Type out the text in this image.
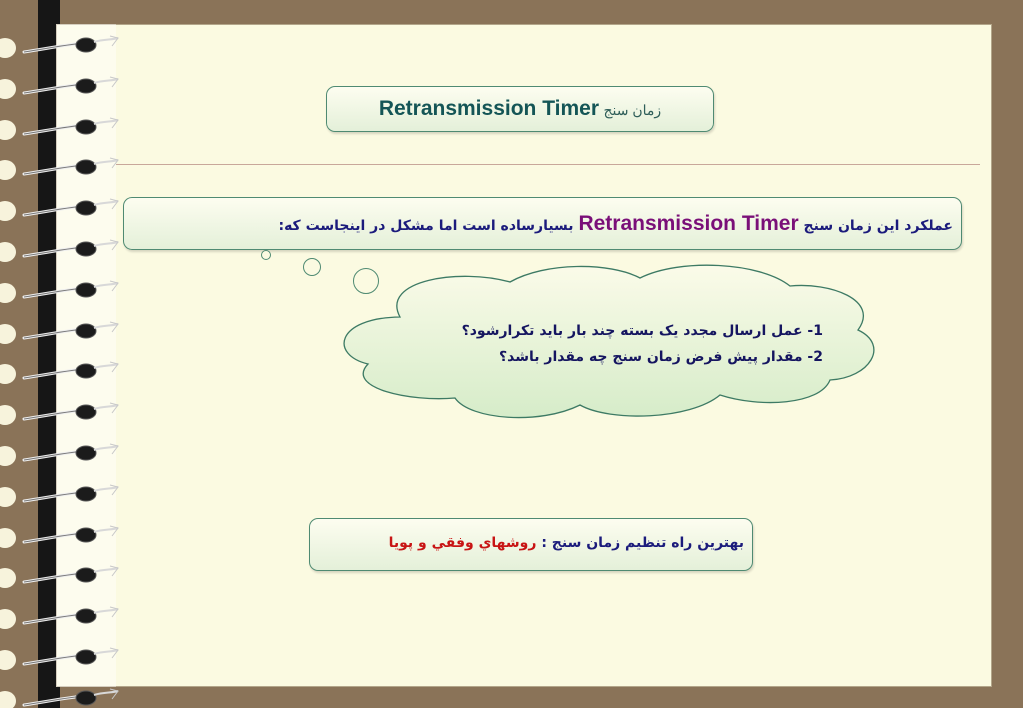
زمان سنج Retransmission Timer
عملکرد این زمان سنج Retransmission Timer بسیارساده است اما مشکل در اینجاست که:
1- عمل ارسال مجدد یک بسته چند بار باید تکرارشود؟
2- مقدار پیش فرض زمان سنج چه مقدار باشد؟
بهترین راه تنظیم زمان سنج : روشهاي وفقي و پويا
